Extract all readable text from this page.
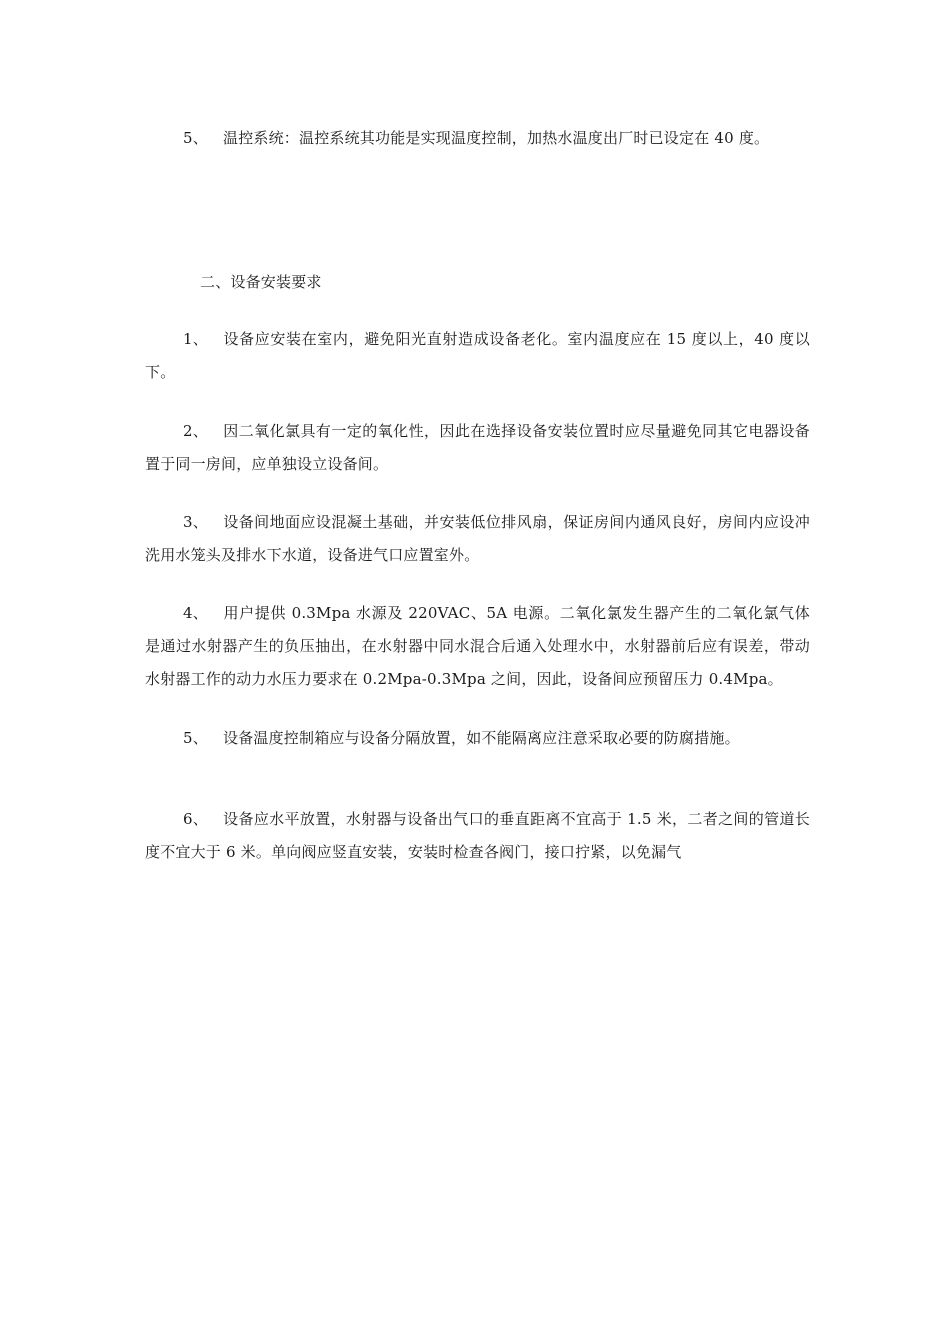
5、 温控系统：温控系统其功能是实现温度控制，加热水温度出厂时已设定在 40 度。
二、设备安装要求
1、 设备应安装在室内，避免阳光直射造成设备老化。室内温度应在 15 度以上，40 度以下。
2、 因二氧化氯具有一定的氧化性，因此在选择设备安装位置时应尽量避免同其它电器设备置于同一房间，应单独设立设备间。
3、 设备间地面应设混凝土基础，并安装低位排风扇，保证房间内通风良好，房间内应设冲洗用水笼头及排水下水道，设备进气口应置室外。
4、 用户提供 0.3Mpa 水源及 220VAC、5A 电源。二氧化氯发生器产生的二氧化氯气体是通过水射器产生的负压抽出，在水射器中同水混合后通入处理水中，水射器前后应有误差，带动水射器工作的动力水压力要求在 0.2Mpa-0.3Mpa 之间，因此，设备间应预留压力 0.4Mpa。
5、 设备温度控制箱应与设备分隔放置，如不能隔离应注意采取必要的防腐措施。
6、 设备应水平放置，水射器与设备出气口的垂直距离不宜高于 1.5 米，二者之间的管道长度不宜大于 6 米。单向阀应竖直安装，安装时检查各阀门，接口拧紧，以免漏气
